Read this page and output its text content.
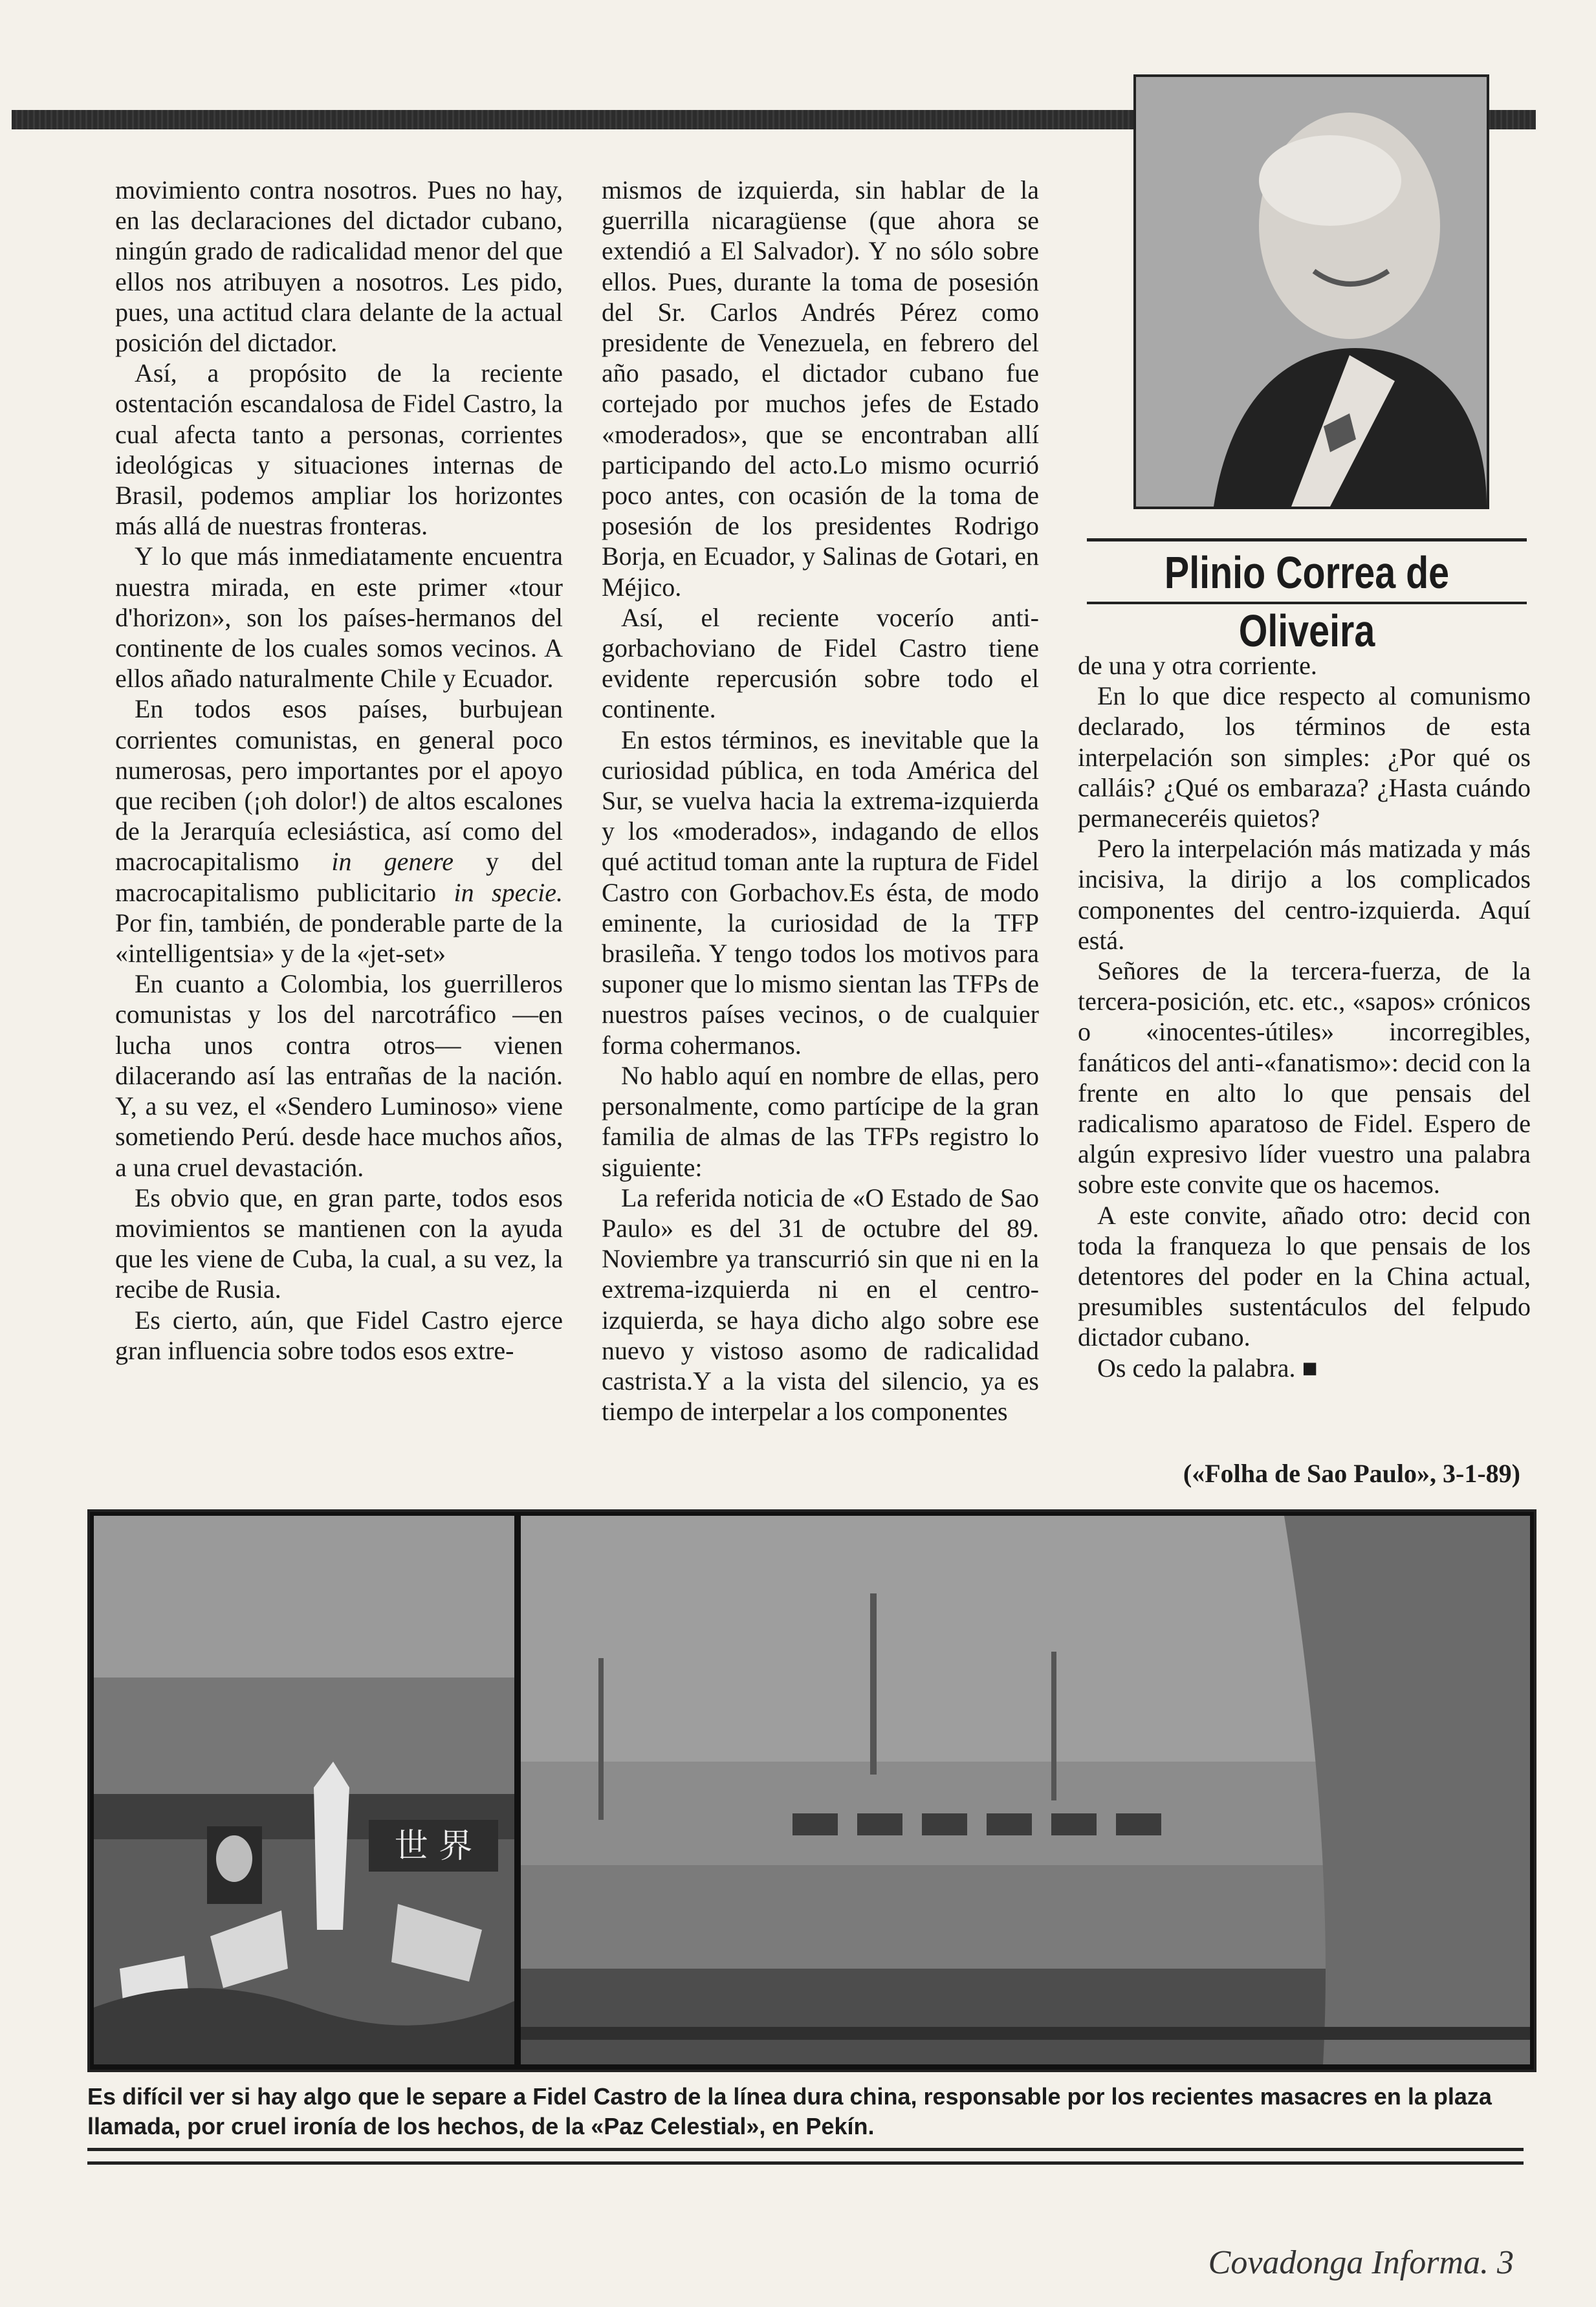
movimiento contra nosotros. Pues no hay, en las declaraciones del dictador cubano, ningún grado de radicalidad menor del que ellos nos atribuyen a nosotros. Les pido, pues, una actitud clara delante de la actual posición del dictador.

Así, a propósito de la reciente ostentación escandalosa de Fidel Castro, la cual afecta tanto a personas, corrientes ideológicas y situaciones internas de Brasil, podemos ampliar los horizontes más allá de nuestras fronteras.

Y lo que más inmediatamente encuentra nuestra mirada, en este primer «tour d'horizon», son los países-hermanos del continente de los cuales somos vecinos. A ellos añado naturalmente Chile y Ecuador.

En todos esos países, burbujean corrientes comunistas, en general poco numerosas, pero importantes por el apoyo que reciben (¡oh dolor!) de altos escalones de la Jerarquía eclesiástica, así como del macrocapitalismo in genere y del macrocapitalismo publicitario in specie. Por fin, también, de ponderable parte de la «intelligentsia» y de la «jet-set»

En cuanto a Colombia, los guerrilleros comunistas y los del narcotráfico —en lucha unos contra otros— vienen dilacerando así las entrañas de la nación. Y, a su vez, el «Sendero Luminoso» viene sometiendo Perú. desde hace muchos años, a una cruel devastación.

Es obvio que, en gran parte, todos esos movimientos se mantienen con la ayuda que les viene de Cuba, la cual, a su vez, la recibe de Rusia.

Es cierto, aún, que Fidel Castro ejerce gran influencia sobre todos esos extre-

mismos de izquierda, sin hablar de la guerrilla nicaragüense (que ahora se extendió a El Salvador). Y no sólo sobre ellos. Pues, durante la toma de posesión del Sr. Carlos Andrés Pérez como presidente de Venezuela, en febrero del año pasado, el dictador cubano fue cortejado por muchos jefes de Estado «moderados», que se encontraban allí participando del acto.Lo mismo ocurrió poco antes, con ocasión de la toma de posesión de los presidentes Rodrigo Borja, en Ecuador, y Salinas de Gotari, en Méjico.

Así, el reciente vocerío anti-gorbachoviano de Fidel Castro tiene evidente repercusión sobre todo el continente.

En estos términos, es inevitable que la curiosidad pública, en toda América del Sur, se vuelva hacia la extrema-izquierda y los «moderados», indagando de ellos qué actitud toman ante la ruptura de Fidel Castro con Gorbachov.Es ésta, de modo eminente, la curiosidad de la TFP brasileña. Y tengo todos los motivos para suponer que lo mismo sientan las TFPs de nuestros países vecinos, o de cualquier forma cohermanos.

No hablo aquí en nombre de ellas, pero personalmente, como partícipe de la gran familia de almas de las TFPs registro lo siguiente:

La referida noticia de «O Estado de Sao Paulo» es del 31 de octubre del 89. Noviembre ya transcurrió sin que ni en la extrema-izquierda ni en el centro-izquierda, se haya dicho algo sobre ese nuevo y vistoso asomo de radicalidad castrista.Y a la vista del silencio, ya es tiempo de interpelar a los componentes

Plinio Correa de Oliveira

de una y otra corriente.

En lo que dice respecto al comunismo declarado, los términos de esta interpelación son simples: ¿Por qué os calláis? ¿Qué os embaraza? ¿Hasta cuándo permaneceréis quietos?

Pero la interpelación más matizada y más incisiva, la dirijo a los complicados componentes del centro-izquierda. Aquí está.

Señores de la tercera-fuerza, de la tercera-posición, etc. etc., «sapos» crónicos o «inocentes-útiles» incorregibles, fanáticos del anti-«fanatismo»: decid con la frente en alto lo que pensais del radicalismo aparatoso de Fidel. Espero de algún expresivo líder vuestro una palabra sobre este convite que os hacemos.

A este convite, añado otro: decid con toda la franqueza lo que pensais de los detentores del poder en la China actual, presumibles sustentáculos del felpudo dictador cubano.

Os cedo la palabra. ■

(«Folha de Sao Paulo», 3-1-89)
世 界
Es difícil ver si hay algo que le separe a Fidel Castro de la línea dura china, responsable por los recientes masacres en la plaza llamada, por cruel ironía de los hechos, de la «Paz Celestial», en Pekín.
Covadonga Informa. 3
